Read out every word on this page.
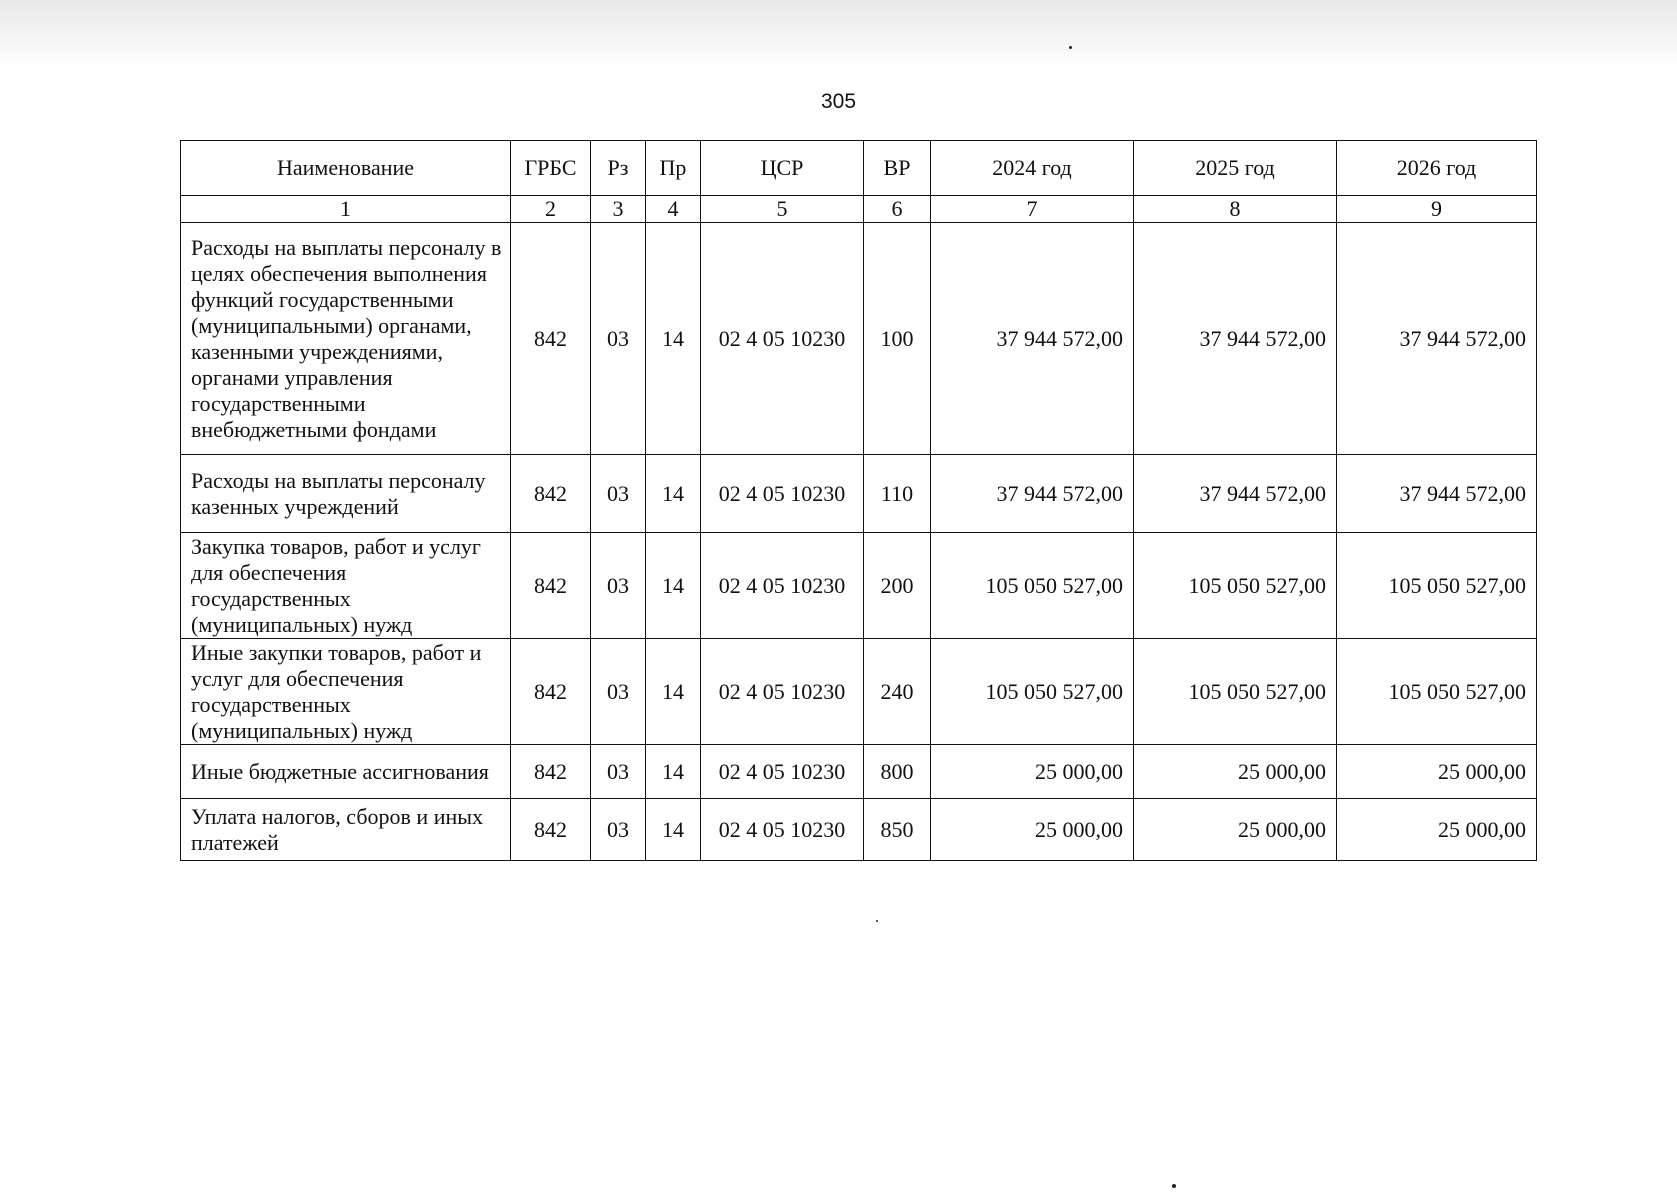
305
Наименование	ГРБС	Рз	Пр	ЦСР	ВР	2024 год	2025 год	2026 год
1	2	3	4	5	6	7	8	9
Расходы на выплаты персоналу в целях обеспечения выполнения функций государственными (муниципальными) органами, казенными учреждениями, органами управления государственными внебюджетными фондами	842	03	14	02 4 05 10230	100	37 944 572,00	37 944 572,00	37 944 572,00
Расходы на выплаты персоналу казенных учреждений	842	03	14	02 4 05 10230	110	37 944 572,00	37 944 572,00	37 944 572,00
Закупка товаров, работ и услуг для обеспечения государственных (муниципальных) нужд	842	03	14	02 4 05 10230	200	105 050 527,00	105 050 527,00	105 050 527,00
Иные закупки товаров, работ и услуг для обеспечения государственных (муниципальных) нужд	842	03	14	02 4 05 10230	240	105 050 527,00	105 050 527,00	105 050 527,00
Иные бюджетные ассигнования	842	03	14	02 4 05 10230	800	25 000,00	25 000,00	25 000,00
Уплата налогов, сборов и иных платежей	842	03	14	02 4 05 10230	850	25 000,00	25 000,00	25 000,00
